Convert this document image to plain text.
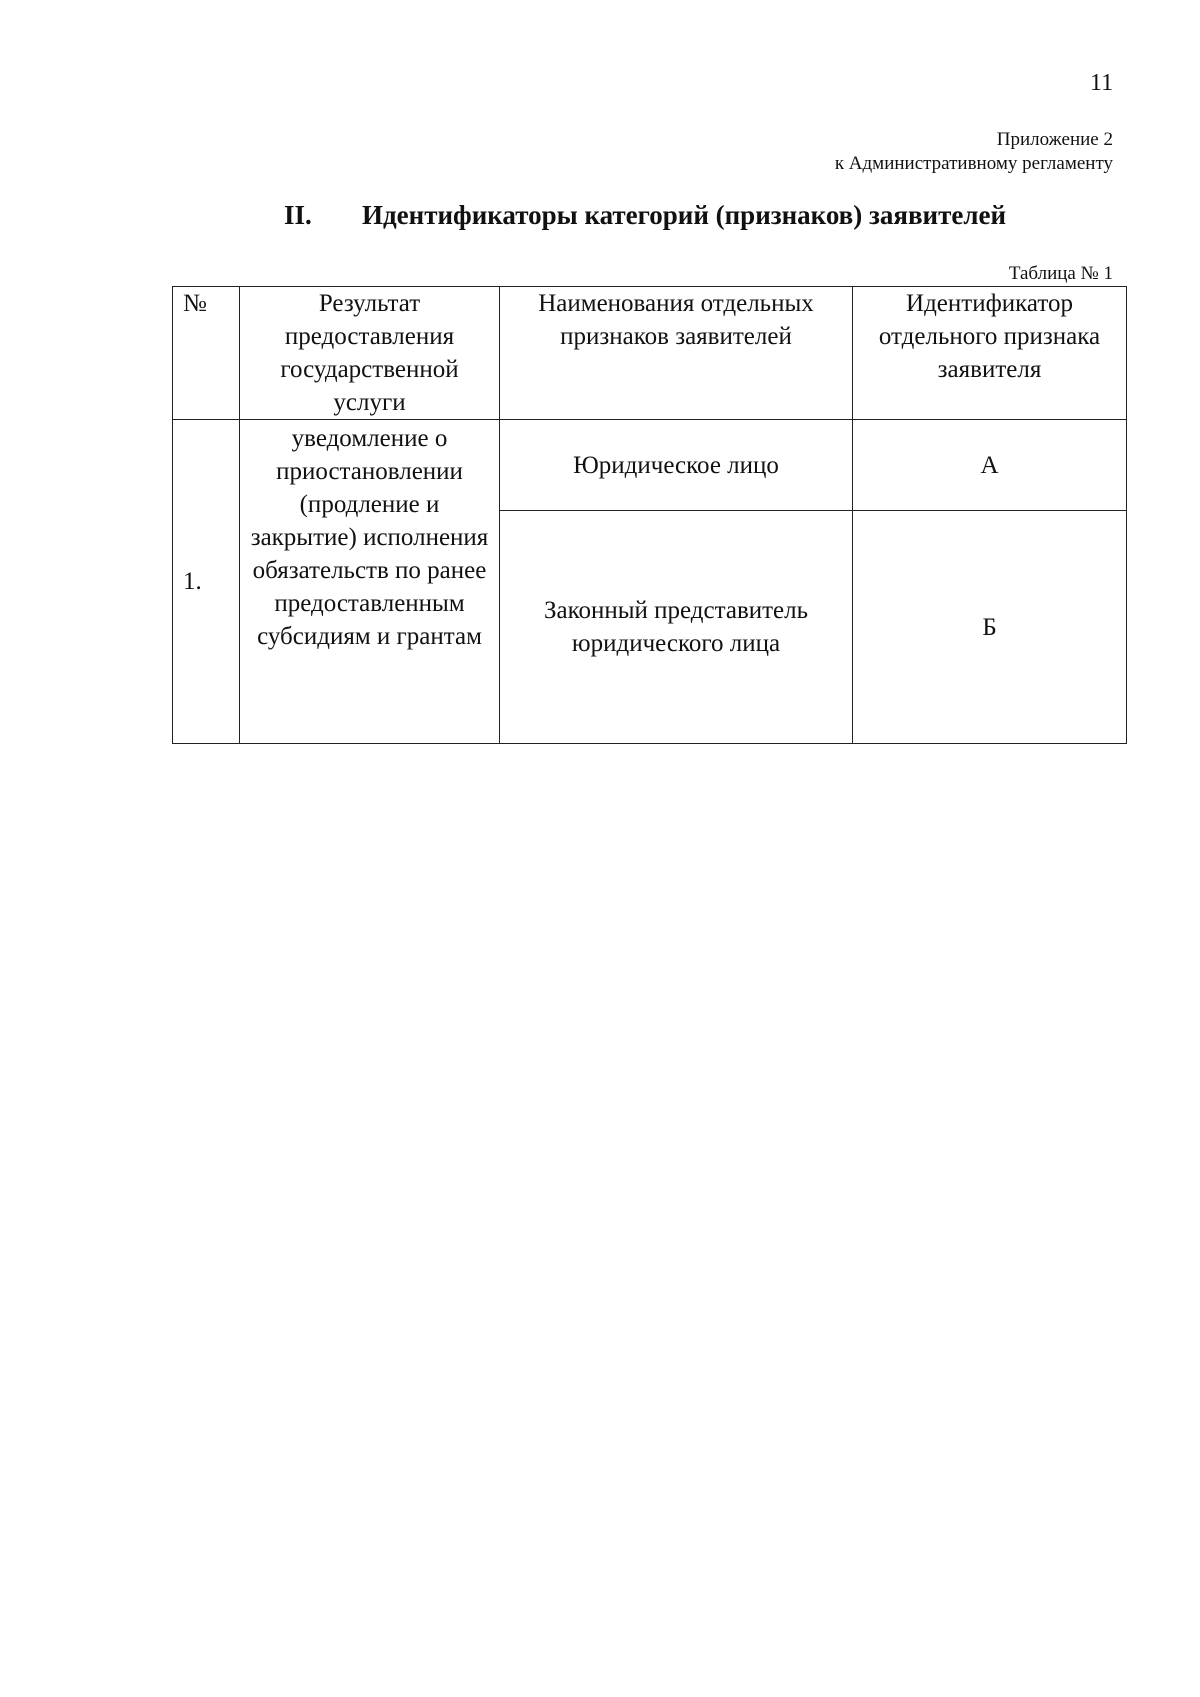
11
Приложение 2
к Административному регламенту
II. Идентификаторы категорий (признаков) заявителей
Таблица № 1
№	Результат предоставления государственной услуги	Наименования отдельных признаков заявителей	Идентификатор отдельного признака заявителя
1.	уведомление о приостановлении (продление и закрытие) исполнения обязательств по ранее предоставленным субсидиям и грантам	Юридическое лицо	А
		Законный представитель юридического лица	Б
